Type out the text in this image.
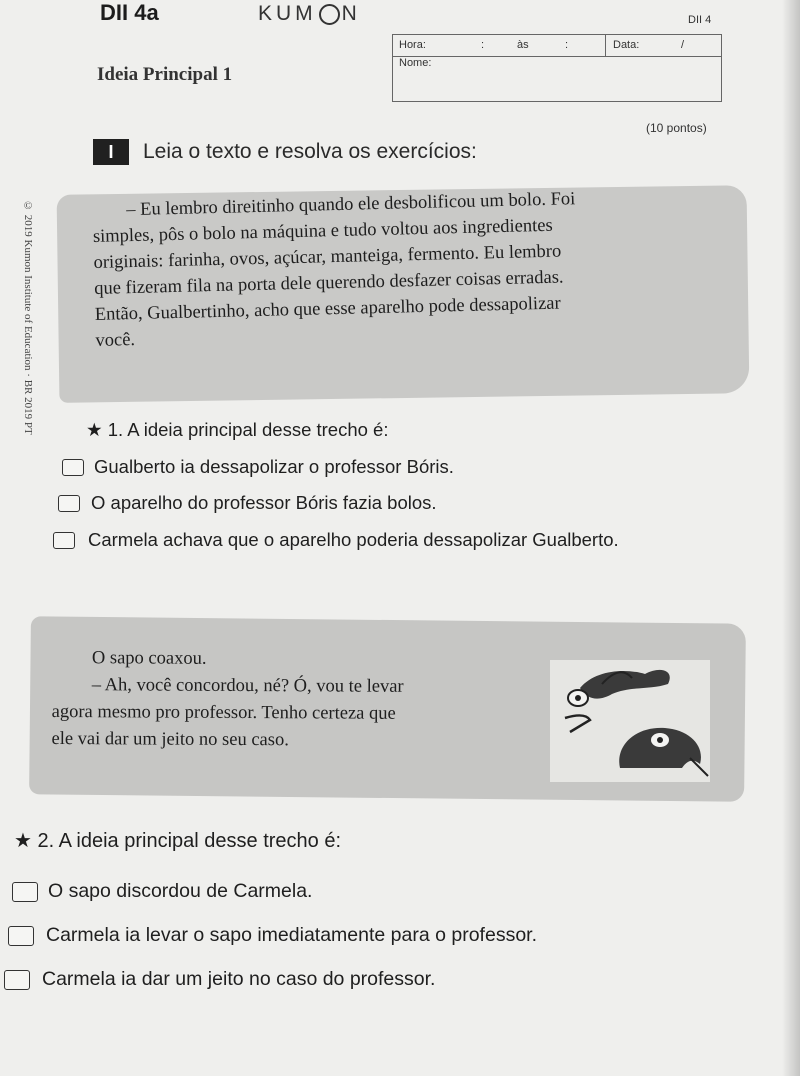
DII 4a	KUM N	DII 4
Hora:	:	às	:	Data:	/
Nome:
Ideia Principal 1
(10 pontos)
I	Leia o texto e resolva os exercícios:
© 2019 Kumon Institute of Education · BR 2019 PT	– Eu lembro direitinho quando ele desbolificou um bolo. Foi
simples, pôs o bolo na máquina e tudo voltou aos ingredientes
originais: farinha, ovos, açúcar, manteiga, fermento. Eu lembro
que fizeram fila na porta dele querendo desfazer coisas erradas.
Então, Gualbertinho, acho que esse aparelho pode dessapolizar
você.
★ 1. A ideia principal desse trecho é:
Gualberto ia dessapolizar o professor Bóris.
O aparelho do professor Bóris fazia bolos.
Carmela achava que o aparelho poderia dessapolizar Gualberto.
O sapo coaxou.
– Ah, você concordou, né? Ó, vou te levar
agora mesmo pro professor. Tenho certeza que
ele vai dar um jeito no seu caso.
★ 2. A ideia principal desse trecho é:
O sapo discordou de Carmela.
Carmela ia levar o sapo imediatamente para o professor.
Carmela ia dar um jeito no caso do professor.
